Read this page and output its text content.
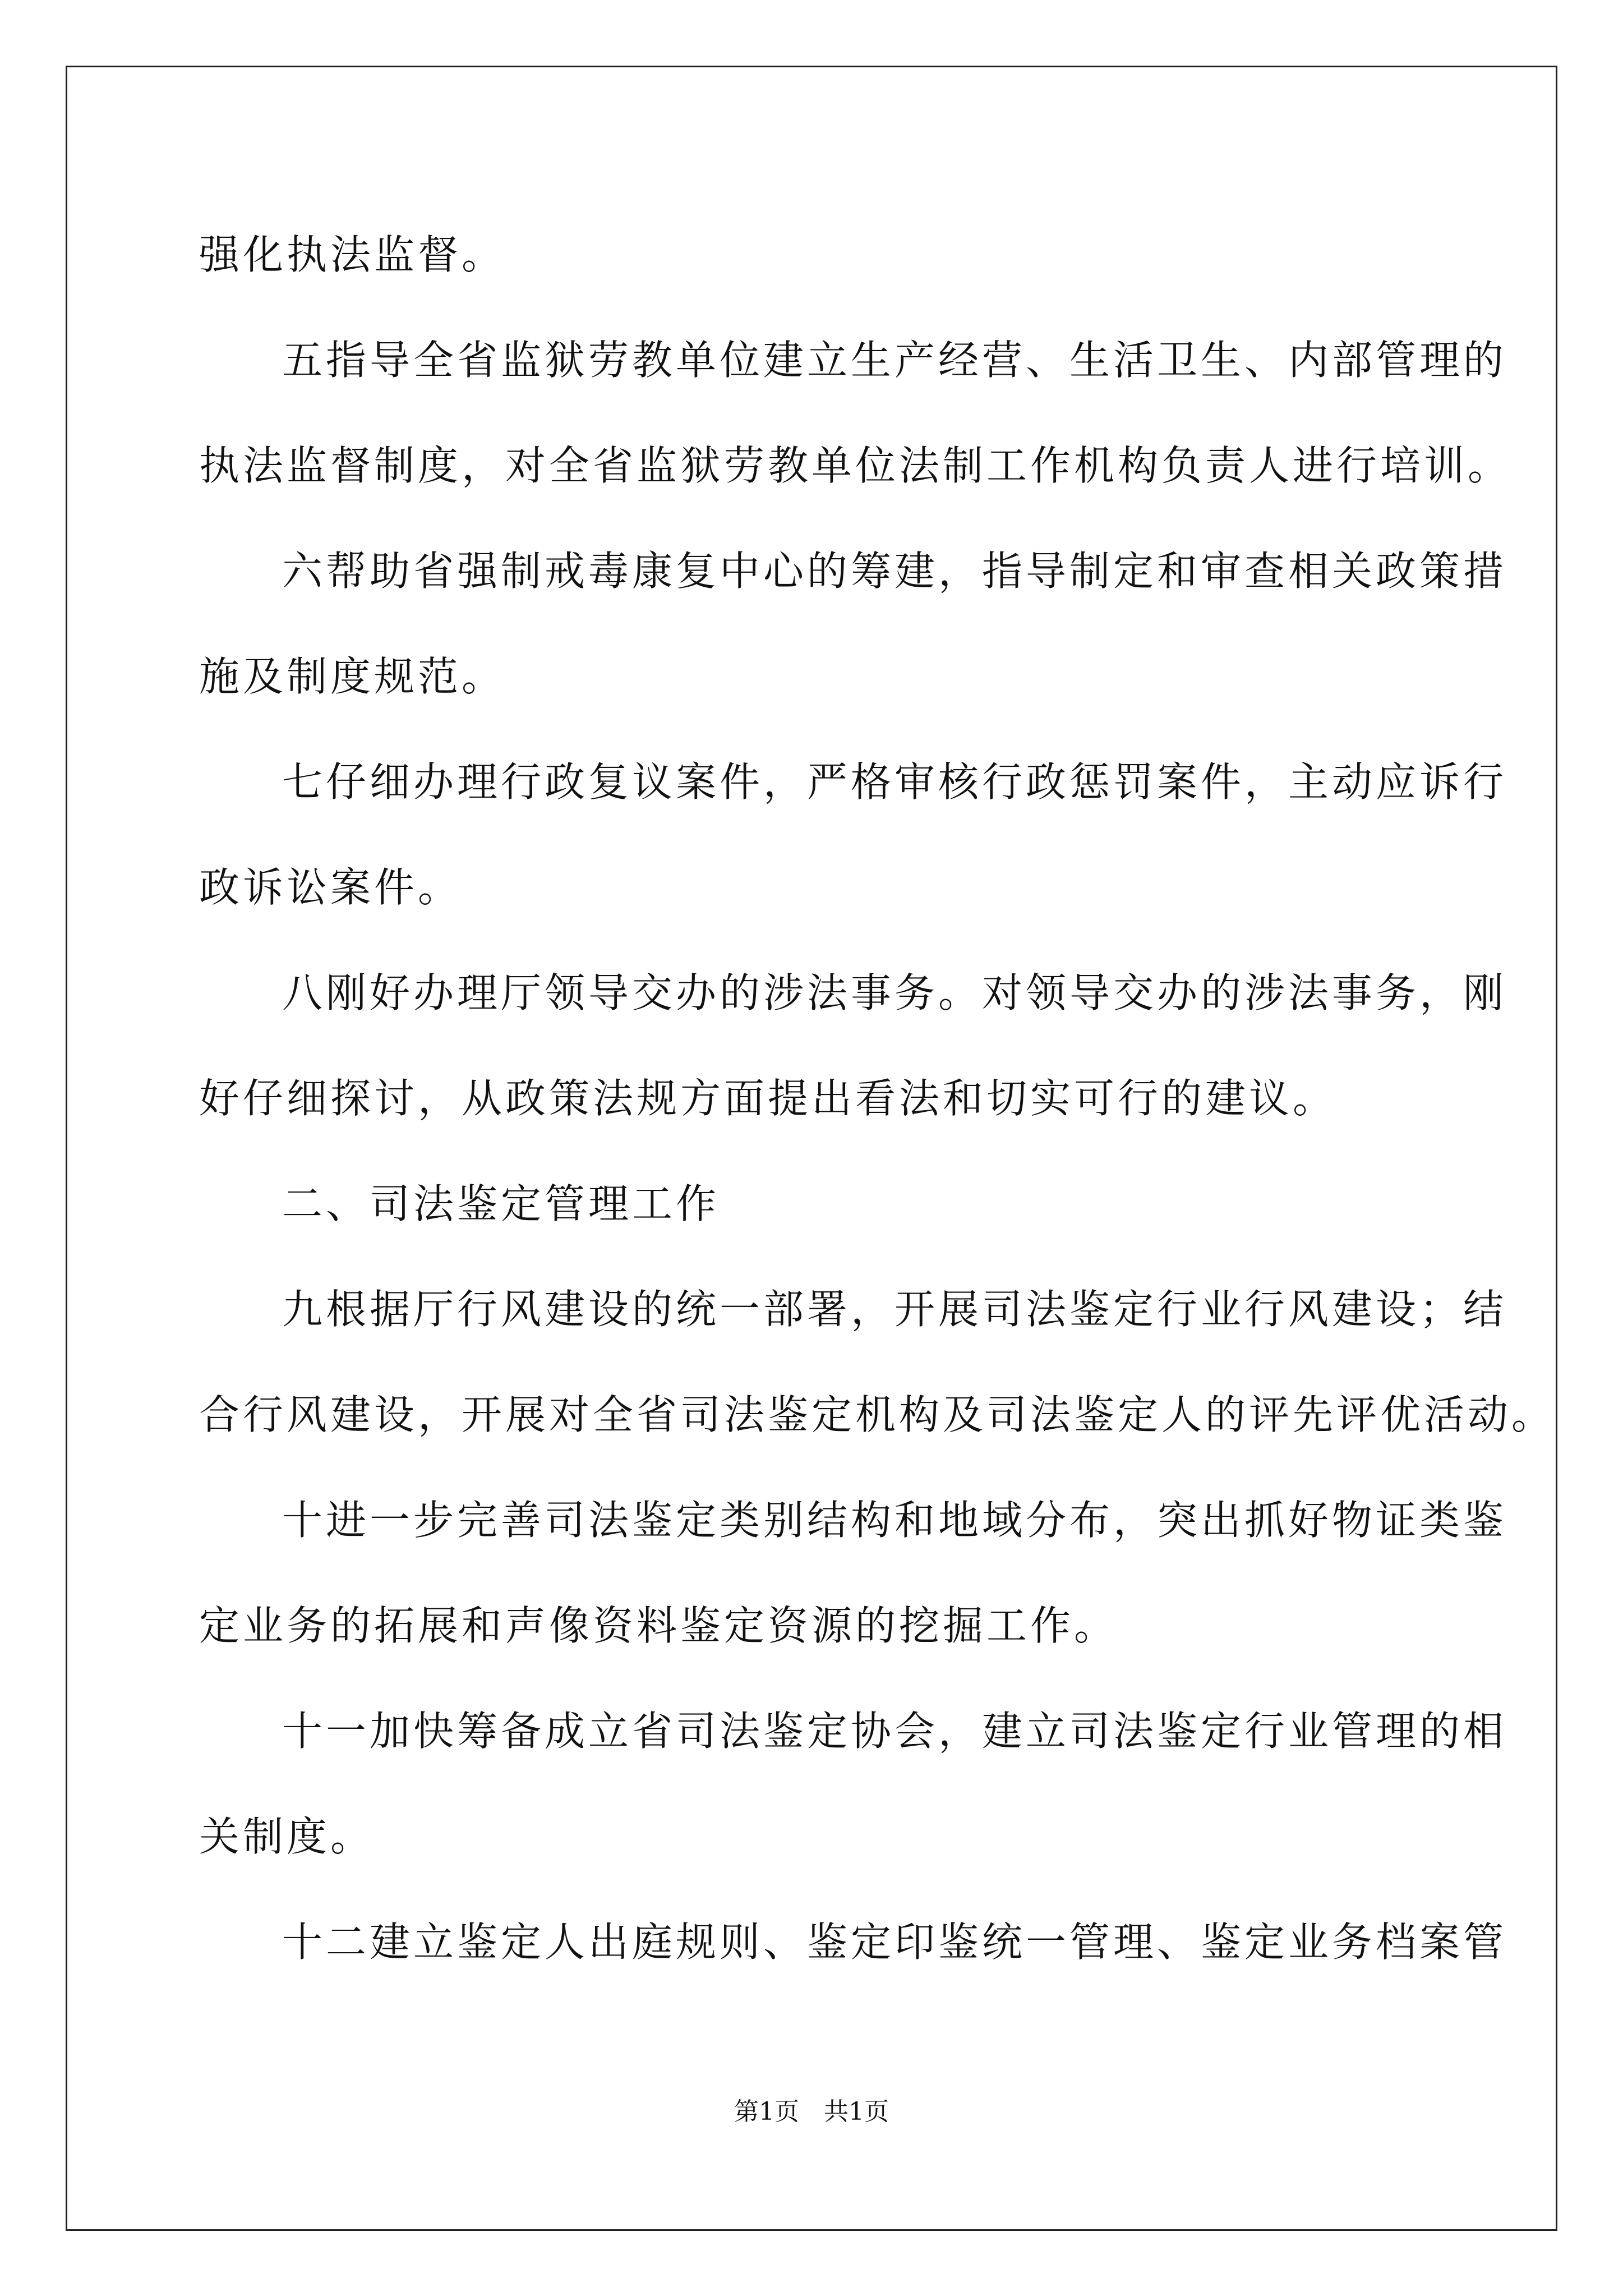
强化执法监督。

五指导全省监狱劳教单位建立生产经营、生活卫生、内部管理的

执法监督制度，对全省监狱劳教单位法制工作机构负责人进行培训。

六帮助省强制戒毒康复中心的筹建，指导制定和审查相关政策措

施及制度规范。

七仔细办理行政复议案件，严格审核行政惩罚案件，主动应诉行

政诉讼案件。

八刚好办理厅领导交办的涉法事务。对领导交办的涉法事务，刚

好仔细探讨，从政策法规方面提出看法和切实可行的建议。

二、司法鉴定管理工作

九根据厅行风建设的统一部署，开展司法鉴定行业行风建设；结

合行风建设，开展对全省司法鉴定机构及司法鉴定人的评先评优活动。

十进一步完善司法鉴定类别结构和地域分布，突出抓好物证类鉴

定业务的拓展和声像资料鉴定资源的挖掘工作。

十一加快筹备成立省司法鉴定协会，建立司法鉴定行业管理的相

关制度。

十二建立鉴定人出庭规则、鉴定印鉴统一管理、鉴定业务档案管

第1页　共1页
